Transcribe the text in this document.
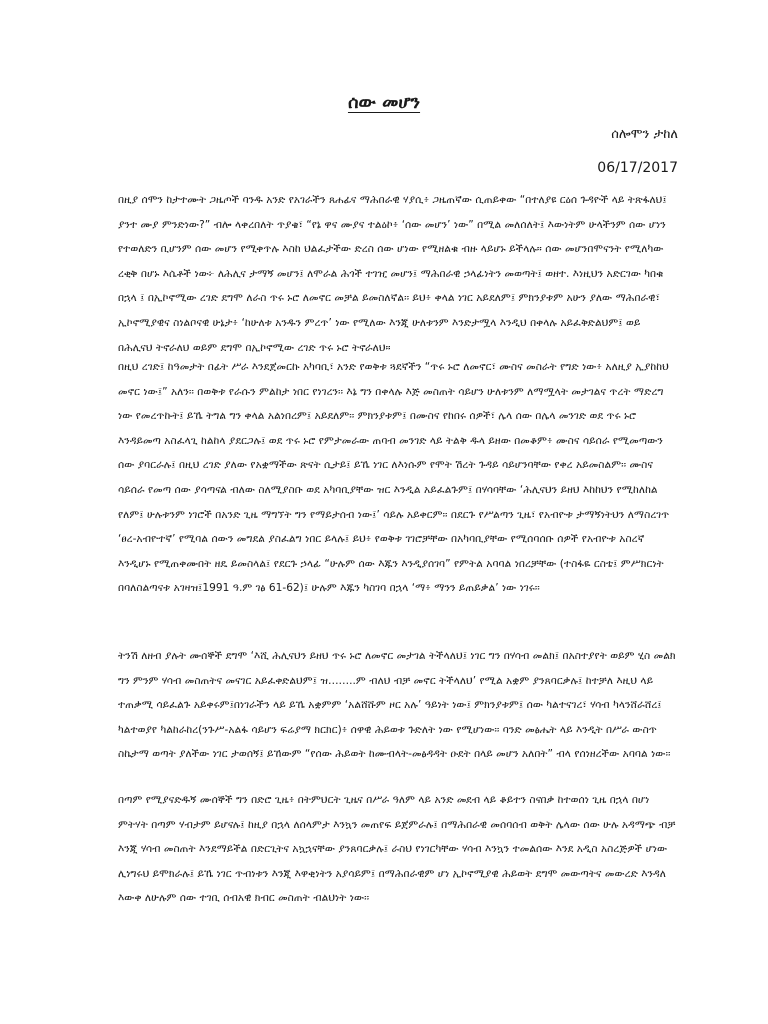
ሰው መሆን
ሰሎሞን ታከለ
06/17/2017
በዚያ ሰሞን ከታተሙት ጋዜጦች ባንዱ አንድ የአገራችን ጸሐፊና ማሕበራዊ ሃያሲ፥ ጋዜጠኛው ሲጠይቀው “በተለያዩ ርዕሰ ጉዳዮች ላይ ትጽፋለህ፤ ያንተ ሙያ ምንድነው?” ብሎ ላቀረበለት ጥያቄ፣ “የኔ ዋና ሙያና ተልዕኮ፥ ‘ሰው መሆን’ ነው” በሚል መለሰለት፤ እውነትም ሁላችንም ሰው ሆነን የተወለድን ቢሆንም ሰው መሆን የሚቀጥሉ እስከ ህልፈታችው ድረስ ሰው ሆነው የሚዘልቁ ብዙ ላይሆኑ ይችላሉ። ሰው መሆንበሞናንት የሚለካው ረቂቅ በሆኑ እሴቶች ነው፦ ለሕሊና ታማኝ መሆን፤ ለሞራል ሕጎች ተገዢ መሆን፤ ማሕበራዊ ኃላፊነትን መወጣት፤ ወዘተ. እነዚህን አድርገው ካበቁ በኋላ ፤ በኢኮኖሚው ረገድ ደግሞ ለራስ ጥሩ ኑሮ ለመኖር መቻል ይመስለኛል፡፡ ይህ፥ ቀላል ነገር አይደለም፤ ምክንያቱም አሁን ያለው ማሕበራዊ፣ ኢኮኖሚያዊና ስነልቦናዊ ሁኔታ፥ ‘ከሁለቱ አንዱን ምረጥ’ ነው የሚለው እንጂ ሁለቱንም እንድታሟላ እንዲህ በቀላሉ አይፈቅድልህም፤ ወይ በሕሊናህ ትኖራለህ ወይም ደግሞ በኢኮኖሚው ረገድ ጥሩ ኑሮ ትኖራለህ።
በዚህ ረገድ፤ ከዓመታት በፊት ሥራ እንደጀመርኩ አካባቢ፣ አንድ የወቅቱ ጓደኛችን “ጥሩ ኑሮ ለመኖር፣ ሙስና መስራት የግድ ነው፥ አለዚያ ኢያከከህ መኖር ነው፤” አለን፡፡ በወቅቱ የራሱን ምልከታ ነበር የነገረን፡፡ እኔ ግን በቀላሉ እጅ መስጠት ሳይሆን ሁለቱንም ለማሟላት መታገልና ጥረት ማድረግ ነው የመረጥኩት፤ ይኼ ትግል ግን ቀላል አልነበረም፤ አይደለም፡፡ ምክንያቱም፤ በሙስና የከበሩ ሰዎች፣ ሌላ ሰው በሌላ መንገድ ወደ ጥሩ ኑሮ እንዳይመጣ አስፈላጊ ከልከላ ያደርጋሉ፤ ወደ ጥሩ ኑሮ የምታመራው ጠባብ መንገድ ላይ ትልቅ ዱላ ይዘው በመቆም፥ ሙስና ሳይሰራ የሚመጣውን ሰው ያባርራሉ፤ በዚህ ረገድ ያለው የአቋማችው ጽናት ሲታይ፤ ይኼ ነገር ለእነሱም የሞት ሽረት ጉዳይ ሳይሆንባቸው የቀረ አይመስልም፡፡ ሙስና ሳይሰራ የመጣ ሰው ያሳጣናል ብለው ስለሚያስቡ ወደ አካባቢያቸው ዝር እንዲል አይፈልጉም፤ በሃሳባቸው ‘ሕሊናህን ይዘህ እከከህን የሚከለከል የለም፤ ሁሉቱንም ነገሮች በአንድ ጊዜ ማግኘት ግን የማይታሰብ ነው፤’ ሳይሉ አይቀርም፡፡ በደርጉ የሥልጣን ጊዜ፣ የአብዮቱ ታማኝነትህን ለማስረገጥ ‘ፀረ-አብዮተኛ’ የሚባል ሰውን መግደል ያስፈልግ ነበር ይላሉ፤ ይህ፥ የወቅቱ ገገሮቻቸው በአካባቢያቸው የሚሰባሰቡ ሰዎች የአብዮቱ አስረኛ እንዲሆኑ የሚጠቀሙበት ዘዴ ይመስላል፤ የደርጉ ኃላፊ “ሁሉም ሰው እጁን እንዲያሰገባ” የምትል አባባል ነበረቻቸው (ተስፋዬ ርስቴ፤ ምሥክርነት በባለስልጣናቱ አገዛዝ፤1991 ዓ.ም ገፅ 61-62)፤ ሁሉም እጁን ካስገባ በኋላ ‘ማ፥ ማንን ይጠይቃል’ ነው ነገሩ፡፡
ትንሽ ለዘብ ያሉት ሙሰኞች ደግሞ ‘እሺ ሕሊናህን ይዘህ ጥሩ ኑሮ ለመኖር መታገል ትችላለህ፤ ነገር ግን በሃሳብ መልክ፤ በአስተያየት ወይም ሂስ መልክ ግን ምንም ሃሳብ መስጠትና መናገር አይፈቀድልህም፤ ዝ……..ም ብለህ ብቻ መኖር ትችላለህ’ የሚል አቋም ያንጸባርቃሉ፤ ከተቻለ እዚህ ላይ ተጠቃሚ ሳይፈልጉ አይቀሩም፤በነገራችን ላይ ይኼ አቋምም ‘አልሸሹም ዞር አሉ’ ዓይነት ነው፤ ምክንያቱም፤ ሰው ካልተናገረ፣ ሃሳብ ካላንሸራሸረ፤ ካልተወያየ ካልከራከረ(ንጉሥ-አልፋ ሳይሆን ፍሬያማ ክርክር)፥ ሰዋዊ ሕይወቱ ጉድለት ነው የሚሆነው፡፡ ባንድ መፅሔት ላይ እንዲት በሥራ ውስጥ ስኬታማ ወጣት ያለችው ነገር ታወሰኝ፤ ይኸውም “የሰው ሕይወት ከሙብላት-መፅዳዳት ዑደት በላይ መሆን አለበት” ብላ የሰነዘረችው አባባል ነው፡፡
በጣም የሚያናድዱኝ ሙሰኞች ግን በድሮ ጊዜ፥ በትምህርት ጊዜና በሥራ ዓለም ላይ አንድ መደብ ላይ ቆይተን ስናበቃ ከተወሰነ ጊዜ በኋላ በሆነ ምትሃት በጣም ሃብታም ይሆናሉ፤ ከዚያ በኋላ ለሰላምታ እንኳን መጠየፍ ይጀምራሉ፤ በማሕበራዊ መሰባሰብ ወቅት ሌላው ሰው ሁሉ አዳማጭ ብቻ እንጂ ሃሳብ መስጠት እንደማይችል በድርጊትና አኳኋናቸው ያንጸባርቃሉ፤ ራስህ የነገርካቸው ሃሳብ እንኳን ተመልሰው እንደ አዲስ አስረጅዎች ሆነው ሊነግሩህ ይሞክራሉ፤ ይኼ ነገር ጥብነቱን እንጂ እዋቂነትን አያሳይም፤ በማሕበራዊም ሆነ ኢኮኖሚያዊ ሕይወት ደግሞ መውጣትና መውረድ እንዳለ እውቀ ለሁሉም ሰው ተገቢ ሰብአዊ ክብር መስጠት ብልህነት ነው፡፡
